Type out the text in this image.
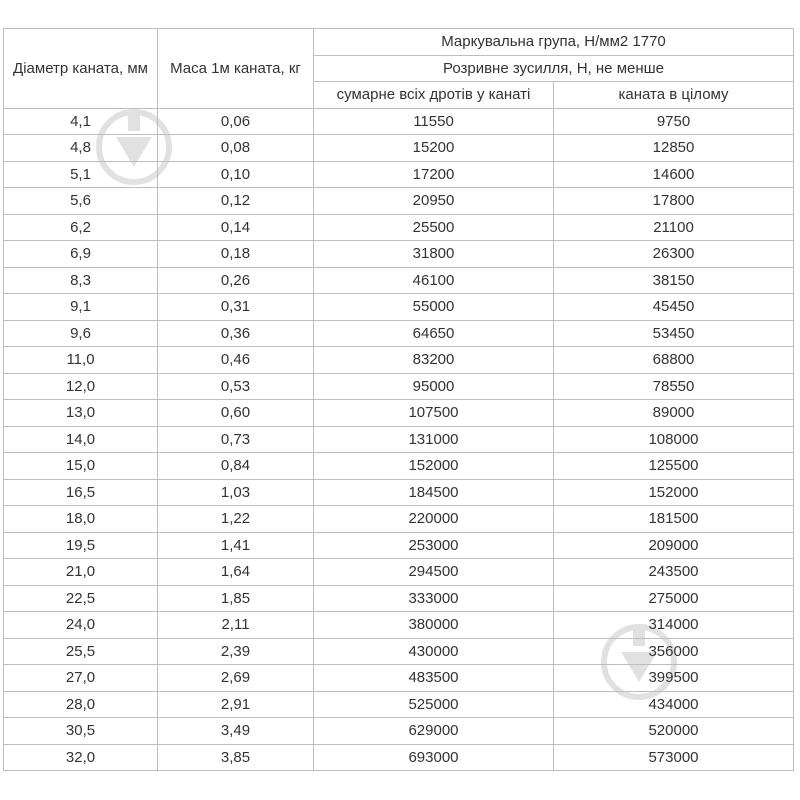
Діаметр каната, мм	Маса 1м каната, кг	Маркувальна група, Н/мм2 1770	
		Розривне зусилля, Н, не менше	
		сумарне всіх дротів у канаті	каната в цілому
4,1	0,06	11550	9750
4,8	0,08	15200	12850
5,1	0,10	17200	14600
5,6	0,12	20950	17800
6,2	0,14	25500	21100
6,9	0,18	31800	26300
8,3	0,26	46100	38150
9,1	0,31	55000	45450
9,6	0,36	64650	53450
11,0	0,46	83200	68800
12,0	0,53	95000	78550
13,0	0,60	107500	89000
14,0	0,73	131000	108000
15,0	0,84	152000	125500
16,5	1,03	184500	152000
18,0	1,22	220000	181500
19,5	1,41	253000	209000
21,0	1,64	294500	243500
22,5	1,85	333000	275000
24,0	2,11	380000	314000
25,5	2,39	430000	356000
27,0	2,69	483500	399500
28,0	2,91	525000	434000
30,5	3,49	629000	520000
32,0	3,85	693000	573000
